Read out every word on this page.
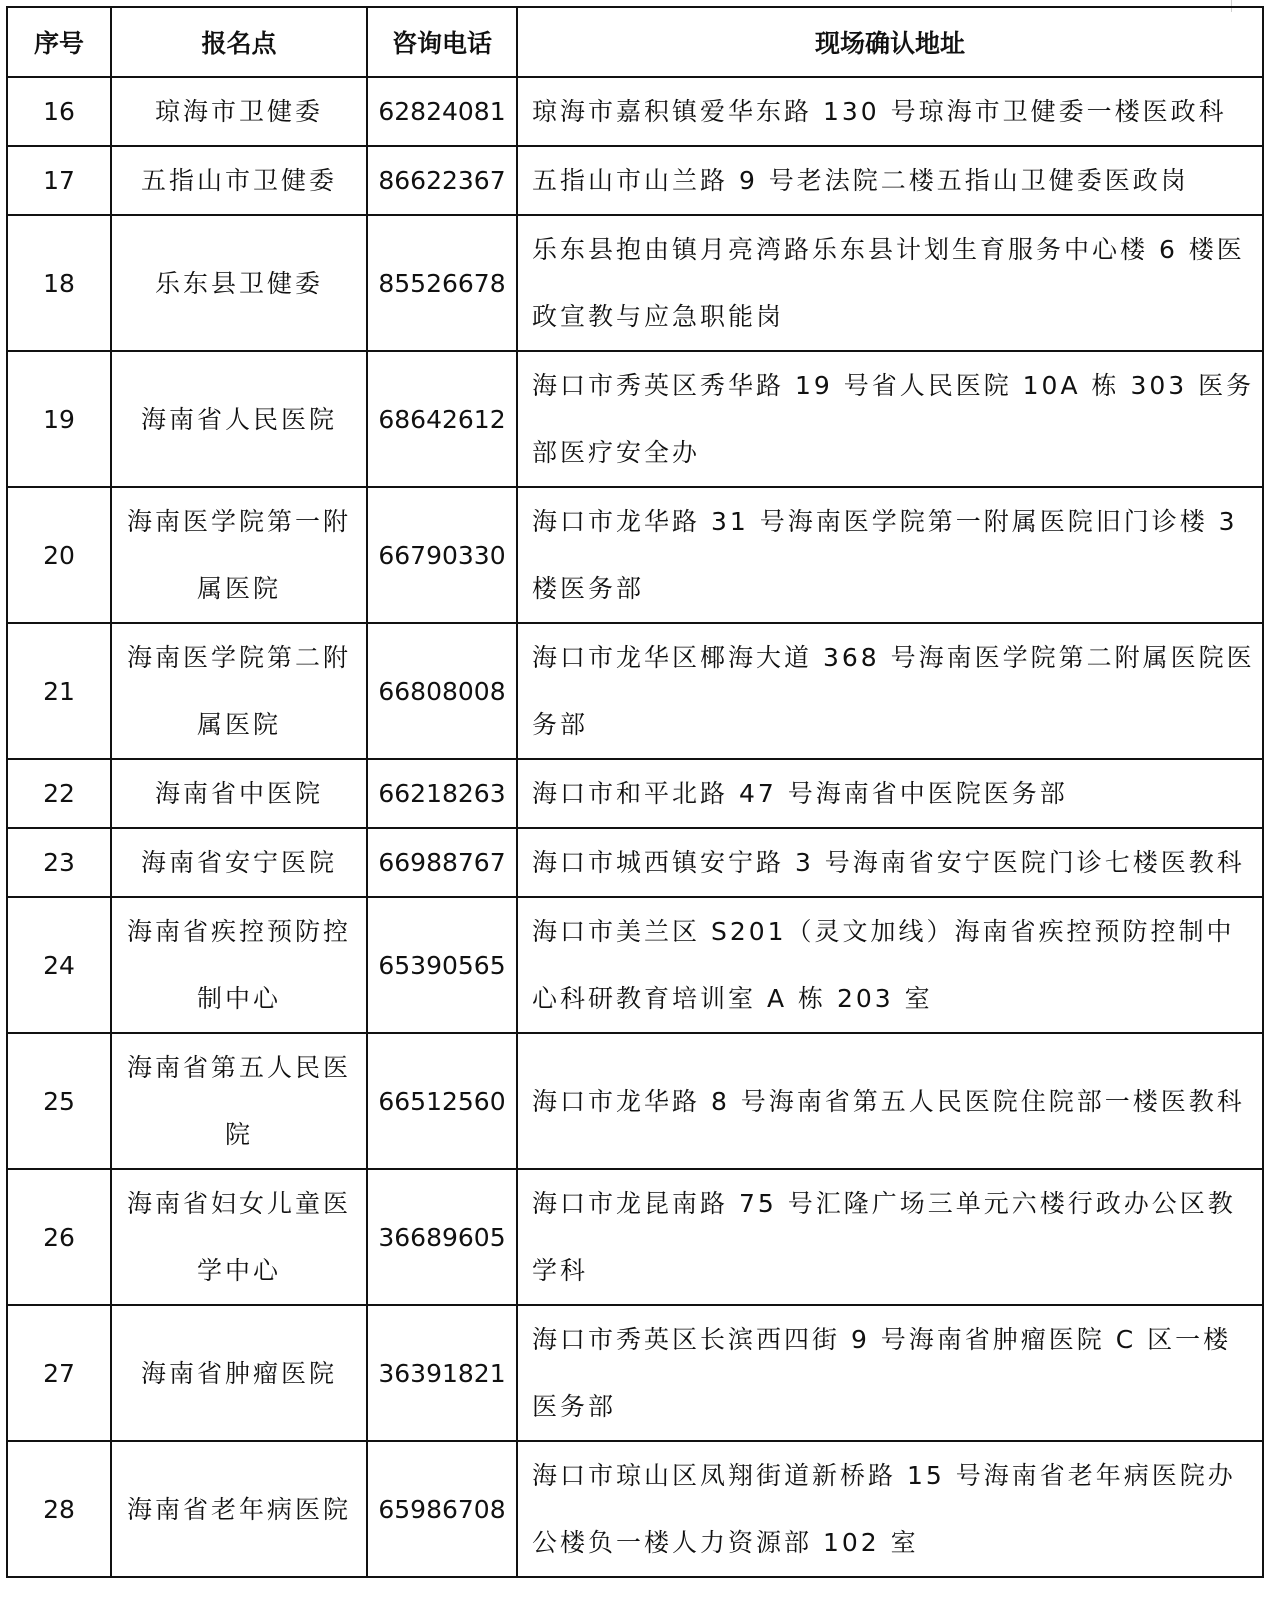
序号	报名点	咨询电话	现场确认地址

16	琼海市卫健委	62824081	琼海市嘉积镇爱华东路 130 号琼海市卫健委一楼医政科

17	五指山市卫健委	86622367	五指山市山兰路 9 号老法院二楼五指山卫健委医政岗

18	乐东县卫健委	85526678	乐东县抱由镇月亮湾路乐东县计划生育服务中心楼 6 楼医政宣教与应急职能岗

19	海南省人民医院	68642612	海口市秀英区秀华路 19 号省人民医院 10A 栋 303 医务部医疗安全办

20	海南医学院第一附属医院	66790330	海口市龙华路 31 号海南医学院第一附属医院旧门诊楼 3 楼医务部

21	海南医学院第二附属医院	66808008	海口市龙华区椰海大道 368 号海南医学院第二附属医院医务部

22	海南省中医院	66218263	海口市和平北路 47 号海南省中医院医务部

23	海南省安宁医院	66988767	海口市城西镇安宁路 3 号海南省安宁医院门诊七楼医教科

24	海南省疾控预防控制中心	65390565	海口市美兰区 S201（灵文加线）海南省疾控预防控制中心科研教育培训室 A 栋 203 室

25	海南省第五人民医院	66512560	海口市龙华路 8 号海南省第五人民医院住院部一楼医教科

26	海南省妇女儿童医学中心	36689605	海口市龙昆南路 75 号汇隆广场三单元六楼行政办公区教学科

27	海南省肿瘤医院	36391821	海口市秀英区长滨西四街 9 号海南省肿瘤医院 C 区一楼医务部

28	海南省老年病医院	65986708	海口市琼山区凤翔街道新桥路 15 号海南省老年病医院办公楼负一楼人力资源部 102 室
